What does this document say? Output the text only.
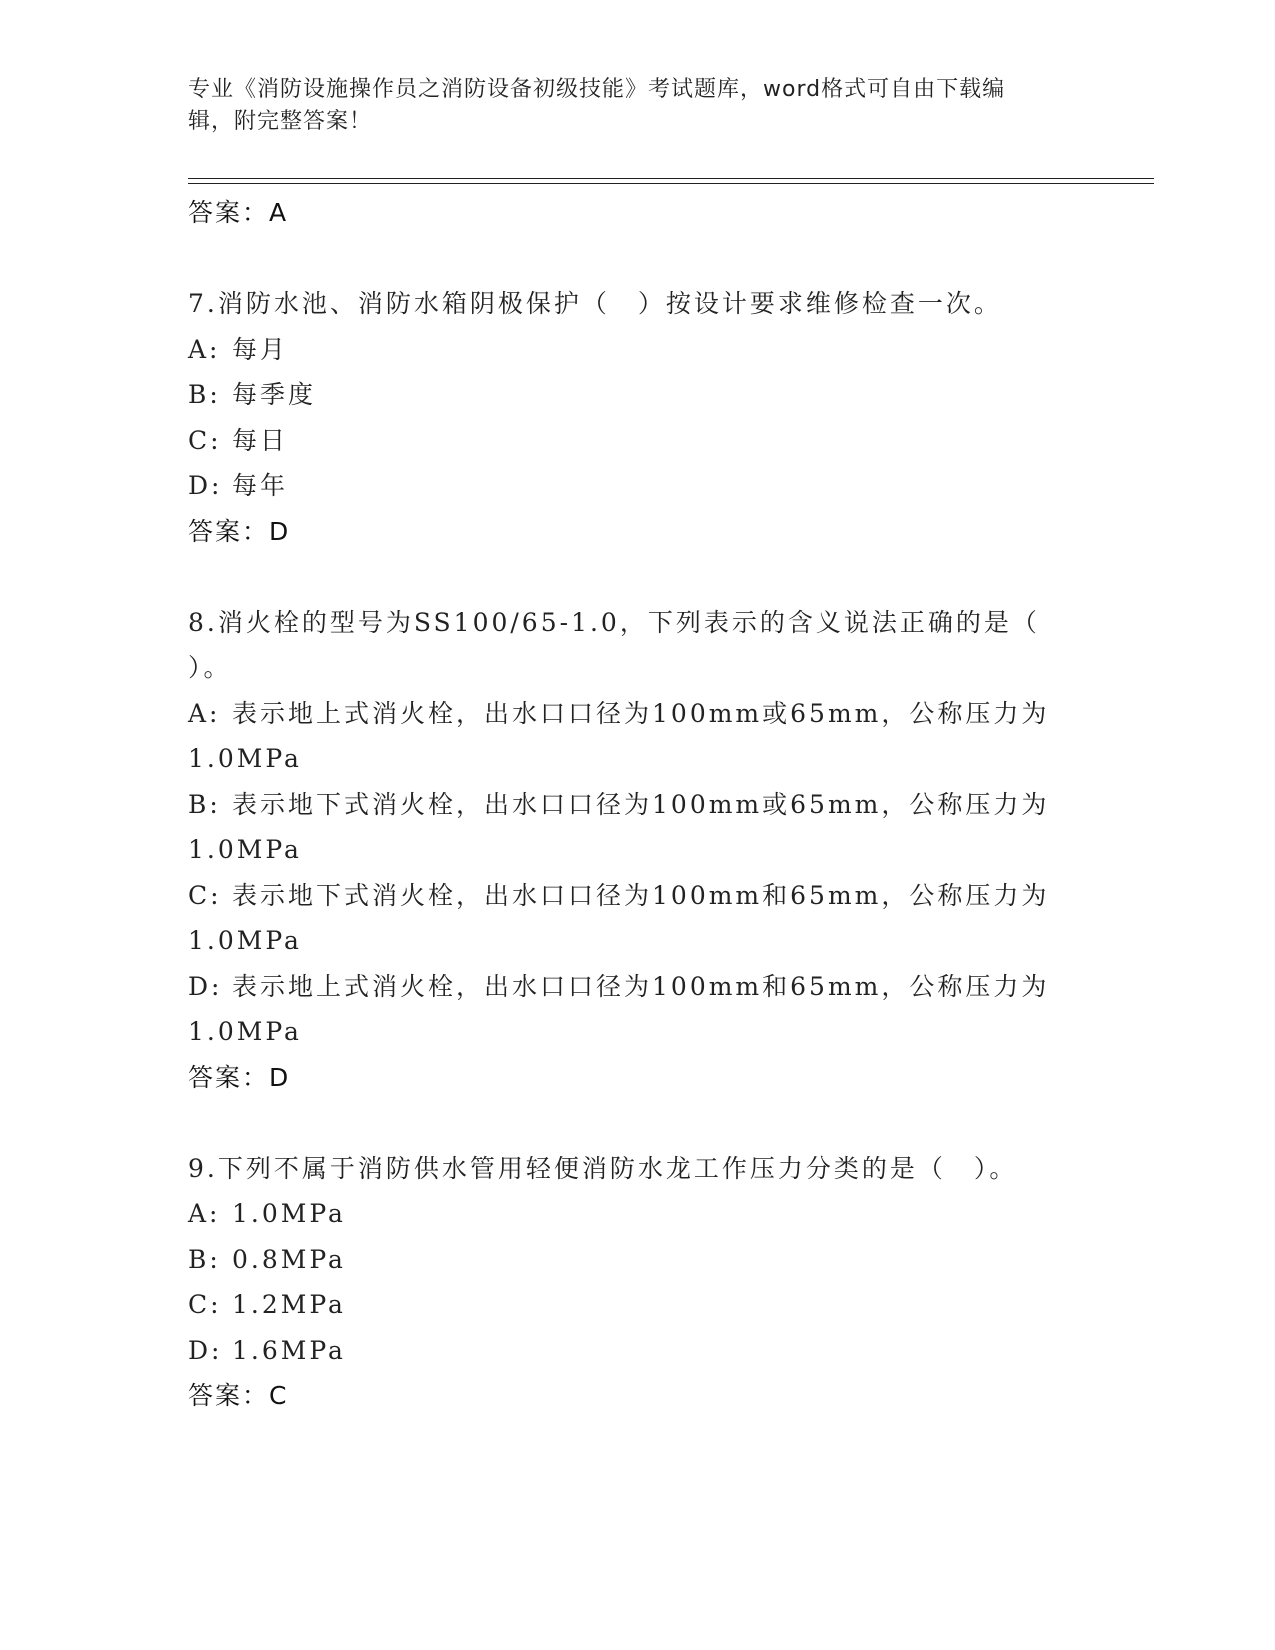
专业《消防设施操作员之消防设备初级技能》考试题库，word格式可自由下载编
辑，附完整答案！
答案：A
7.消防水池、消防水箱阴极保护（　）按设计要求维修检查一次。
A: 每月
B: 每季度
C: 每日
D: 每年
答案：D
8.消火栓的型号为SS100/65-1.0，下列表示的含义说法正确的是（
）。
A: 表示地上式消火栓，出水口口径为100mm或65mm，公称压力为
1.0MPa
B: 表示地下式消火栓，出水口口径为100mm或65mm，公称压力为
1.0MPa
C: 表示地下式消火栓，出水口口径为100mm和65mm，公称压力为
1.0MPa
D: 表示地上式消火栓，出水口口径为100mm和65mm，公称压力为
1.0MPa
答案：D
9.下列不属于消防供水管用轻便消防水龙工作压力分类的是（　）。
A: 1.0MPa
B: 0.8MPa
C: 1.2MPa
D: 1.6MPa
答案：C
